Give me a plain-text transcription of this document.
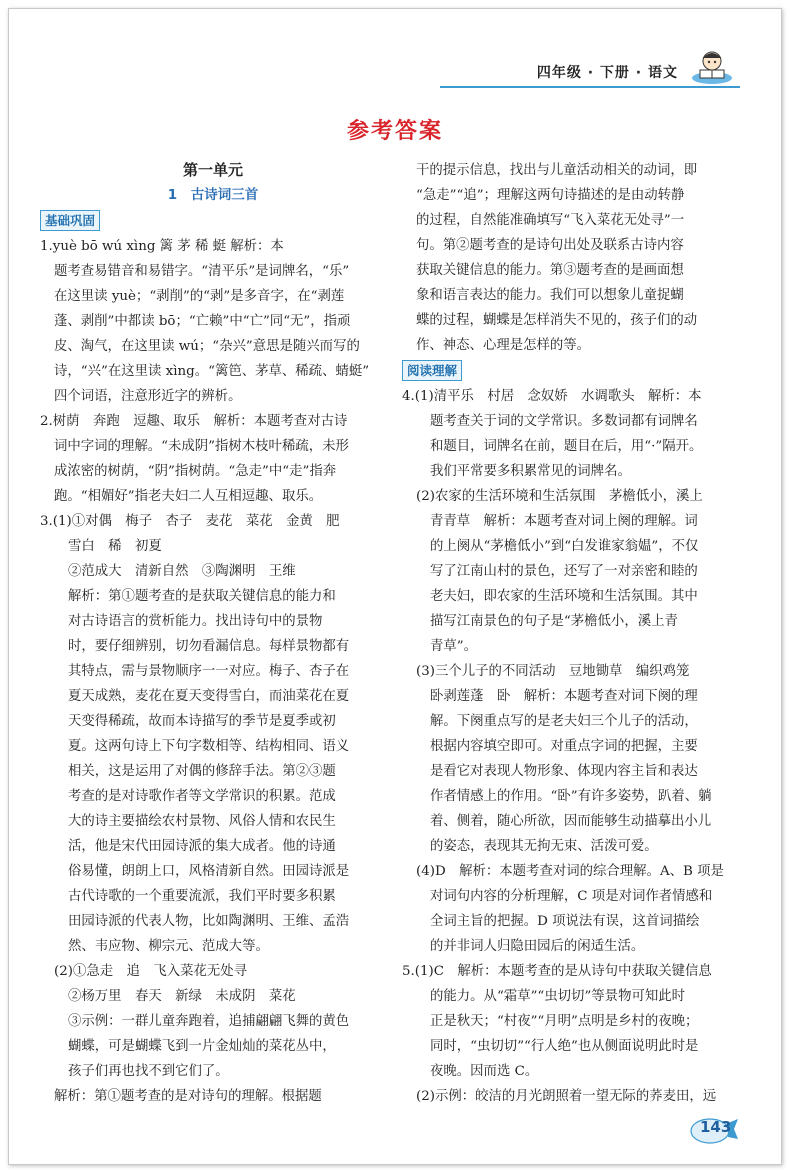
四年级 · 下册 · 语文
参考答案
第一单元
1　古诗词三首
基础巩固

1.yuè bō wú xìng 篱 茅 稀 蜓 解析：本

题考查易错音和易错字。“清平乐”是词牌名，“乐”

在这里读 yuè；“剥削”的“剥”是多音字，在“剥莲

蓬、剥削”中都读 bō；“亡赖”中“亡”同“无”，指顽

皮、淘气，在这里读 wú；“杂兴”意思是随兴而写的

诗，“兴”在这里读 xìng。“篱笆、茅草、稀疏、蜻蜓”

四个词语，注意形近字的辨析。

2.树荫　奔跑　逗趣、取乐　解析：本题考查对古诗

词中字词的理解。“未成阴”指树木枝叶稀疏，未形

成浓密的树荫，“阴”指树荫。“急走”中“走”指奔

跑。“相媚好”指老夫妇二人互相逗趣、取乐。

3.(1)①对偶　梅子　杏子　麦花　菜花　金黄　肥

雪白　稀　初夏

②范成大　清新自然　③陶渊明　王维

解析：第①题考查的是获取关键信息的能力和

对古诗语言的赏析能力。找出诗句中的景物

时，要仔细辨别，切勿看漏信息。每样景物都有

其特点，需与景物顺序一一对应。梅子、杏子在

夏天成熟，麦花在夏天变得雪白，而油菜花在夏

天变得稀疏，故而本诗描写的季节是夏季或初

夏。这两句诗上下句字数相等、结构相同、语义

相关，这是运用了对偶的修辞手法。第②③题

考查的是对诗歌作者等文学常识的积累。范成

大的诗主要描绘农村景物、风俗人情和农民生

活，他是宋代田园诗派的集大成者。他的诗通

俗易懂，朗朗上口，风格清新自然。田园诗派是

古代诗歌的一个重要流派，我们平时要多积累

田园诗派的代表人物，比如陶渊明、王维、孟浩

然、韦应物、柳宗元、范成大等。

(2)①急走　追　飞入菜花无处寻

②杨万里　春天　新绿　未成阴　菜花

③示例：一群儿童奔跑着，追捕翩翩飞舞的黄色

蝴蝶，可是蝴蝶飞到一片金灿灿的菜花丛中，

孩子们再也找不到它们了。

解析：第①题考查的是对诗句的理解。根据题

干的提示信息，找出与儿童活动相关的动词，即

“急走”“追”；理解这两句诗描述的是由动转静

的过程，自然能准确填写“飞入菜花无处寻”一

句。第②题考查的是诗句出处及联系古诗内容

获取关键信息的能力。第③题考查的是画面想

象和语言表达的能力。我们可以想象儿童捉蝴

蝶的过程，蝴蝶是怎样消失不见的，孩子们的动

作、神态、心理是怎样的等。

阅读理解

4.(1)清平乐　村居　念奴娇　水调歌头　解析：本

题考查关于词的文学常识。多数词都有词牌名

和题目，词牌名在前，题目在后，用“·”隔开。

我们平常要多积累常见的词牌名。

(2)农家的生活环境和生活氛围　茅檐低小，溪上

青青草　解析：本题考查对词上阕的理解。词

的上阕从“茅檐低小”到“白发谁家翁媪”，不仅

写了江南山村的景色，还写了一对亲密和睦的

老夫妇，即农家的生活环境和生活氛围。其中

描写江南景色的句子是“茅檐低小，溪上青

青草”。

(3)三个儿子的不同活动　豆地锄草　编织鸡笼

卧剥莲蓬　卧　解析：本题考查对词下阕的理

解。下阕重点写的是老夫妇三个儿子的活动，

根据内容填空即可。对重点字词的把握，主要

是看它对表现人物形象、体现内容主旨和表达

作者情感上的作用。“卧”有许多姿势，趴着、躺

着、侧着，随心所欲，因而能够生动描摹出小儿

的姿态，表现其无拘无束、活泼可爱。

(4)D　解析：本题考查对词的综合理解。A、B 项是

对词句内容的分析理解，C 项是对词作者情感和

全词主旨的把握。D 项说法有误，这首词描绘

的并非词人归隐田园后的闲适生活。

5.(1)C　解析：本题考查的是从诗句中获取关键信息

的能力。从“霜草”“虫切切”等景物可知此时

正是秋天；“村夜”“月明”点明是乡村的夜晚；

同时，“虫切切”“行人绝”也从侧面说明此时是

夜晚。因而选 C。

(2)示例：皎洁的月光朗照着一望无际的荞麦田，远

143
